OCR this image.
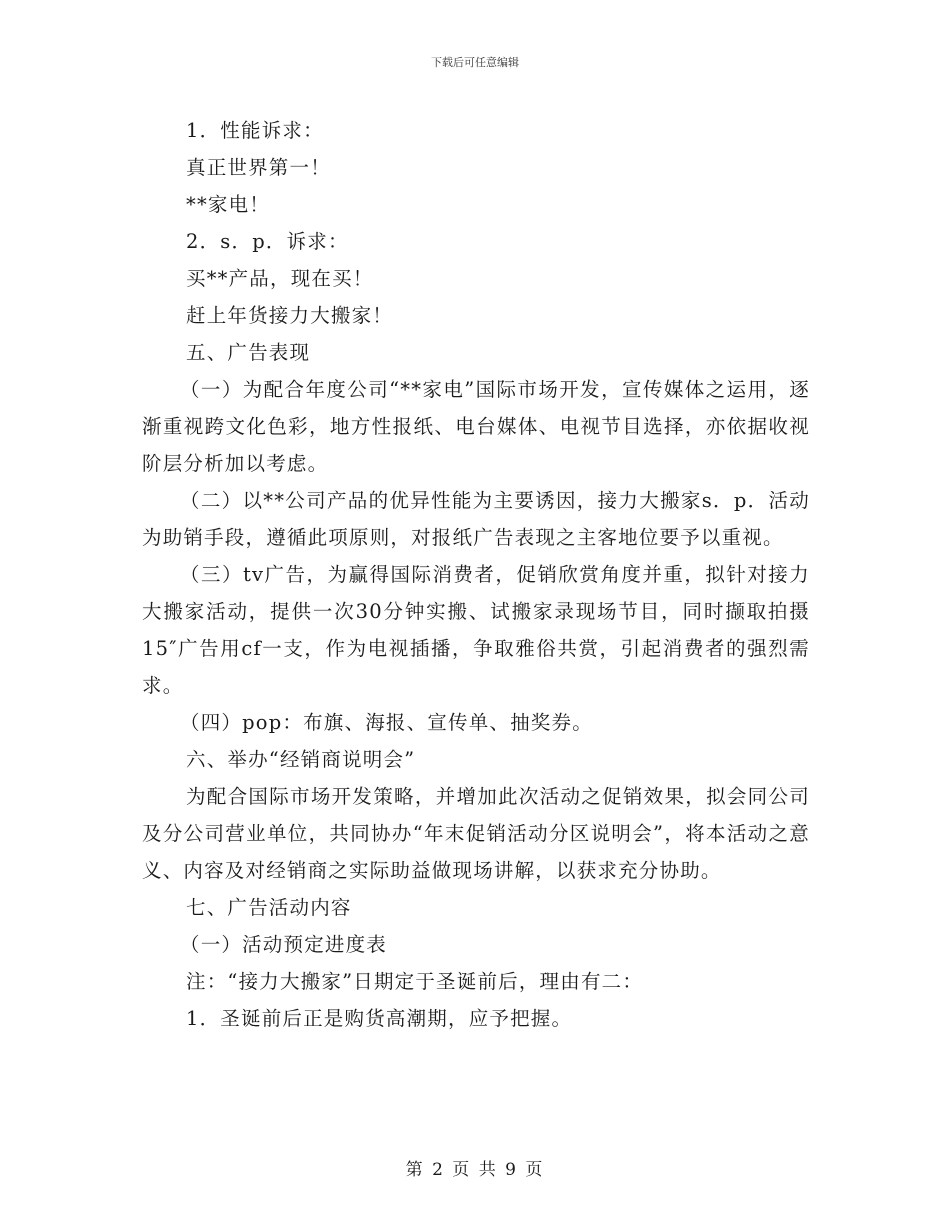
下载后可任意编辑

1．性能诉求：

真正世界第一！

**家电！

2．s．p．诉求：

买**产品，现在买！

赶上年货接力大搬家！

五、广告表现

（一）为配合年度公司“**家电”国际市场开发，宣传媒体之运用，逐渐重视跨文化色彩，地方性报纸、电台媒体、电视节目选择，亦依据收视阶层分析加以考虑。

（二）以**公司产品的优异性能为主要诱因，接力大搬家s．p．活动为助销手段，遵循此项原则，对报纸广告表现之主客地位要予以重视。

（三）tv广告，为赢得国际消费者，促销欣赏角度并重，拟针对接力大搬家活动，提供一次30分钟实搬、试搬家录现场节目，同时撷取拍摄15″广告用cf一支，作为电视插播，争取雅俗共赏，引起消费者的强烈需求。

（四）pop：布旗、海报、宣传单、抽奖券。

六、举办“经销商说明会”

为配合国际市场开发策略，并增加此次活动之促销效果，拟会同公司及分公司营业单位，共同协办“年末促销活动分区说明会”，将本活动之意义、内容及对经销商之实际助益做现场讲解，以获求充分协助。

七、广告活动内容

（一）活动预定进度表

注：“接力大搬家”日期定于圣诞前后，理由有二：

1．圣诞前后正是购货高潮期，应予把握。

第 2 页 共 9 页
